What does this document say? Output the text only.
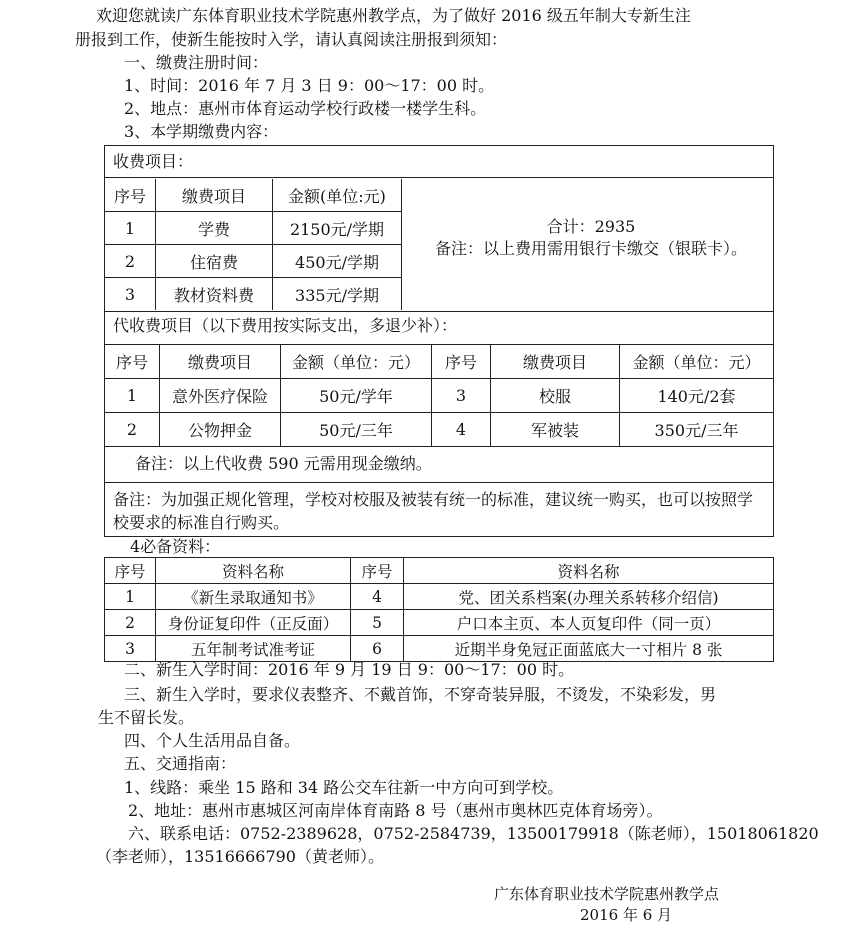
欢迎您就读广东体育职业技术学院惠州教学点，为了做好 2016 级五年制大专新生注
册报到工作，使新生能按时入学，请认真阅读注册报到须知：
一、缴费注册时间：
1、时间：2016 年 7 月 3 日 9：00～17：00 时。
2、地点：惠州市体育运动学校行政楼一楼学生科。
3、本学期缴费内容：
收费项目：
序号	缴费项目	金额(单位:元)
1	学费	2150元/学期
2	住宿费	450元/学期
3	教材资料费	335元/学期
合计：2935
备注：以上费用需用银行卡缴交（银联卡）。
代收费项目（以下费用按实际支出，多退少补）：
序号	缴费项目	金额（单位：元）	序号	缴费项目	金额（单位：元）
1	意外医疗保险	50元/学年	3	校服	140元/2套
2	公物押金	50元/三年	4	军被装	350元/三年
备注：以上代收费 590 元需用现金缴纳。
备注：为加强正规化管理，学校对校服及被装有统一的标准，建议统一购买，也可以按照学校要求的标准自行购买。
4必备资料：
序号	资料名称	序号	资料名称
1	《新生录取通知书》	4	党、团关系档案(办理关系转移介绍信)
2	身份证复印件（正反面）	5	户口本主页、本人页复印件（同一页）
3	五年制考试准考证	6	近期半身免冠正面蓝底大一寸相片 8 张
二、新生入学时间：2016 年 9 月 19 日 9：00～17：00 时。
三、新生入学时，要求仪表整齐、不戴首饰，不穿奇装异服，不烫发，不染彩发，男
生不留长发。
四、个人生活用品自备。
五、交通指南：
1、线路：乘坐 15 路和 34 路公交车往新一中方向可到学校。
2、地址：惠州市惠城区河南岸体育南路 8 号（惠州市奥林匹克体育场旁）。
六、联系电话：0752-2389628，0752-2584739，13500179918（陈老师），15018061820
（李老师），13516666790（黄老师）。
广东体育职业技术学院惠州教学点
2016 年 6 月
